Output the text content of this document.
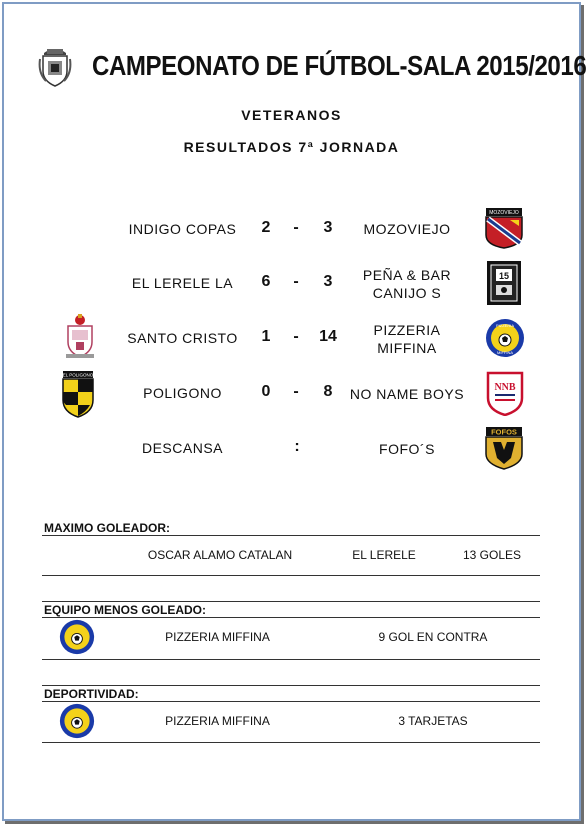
CAMPEONATO DE FÚTBOL-SALA 2015/2016
VETERANOS
RESULTADOS 7ª JORNADA
INDIGO COPAS	2	-	3	MOZOVIEJO
MOZOVIEJO
EL LERELE LA	6	-	3	PEÑA & BAR CANIJO S
15
SANTO CRISTO	1	-	14	PIZZERIA MIFFINA
PIZZERIA
MIFFINA
EL POLIGONO
POLIGONO	0	-	8	NO NAME BOYS	NNB
DESCANSA	:	FOFO´S
FOFOS
MAXIMO GOLEADOR:
OSCAR ALAMO CATALAN	EL LERELE	13 GOLES
EQUIPO MENOS GOLEADO:
PIZZERIA MIFFINA	9 GOL EN CONTRA
DEPORTIVIDAD:
PIZZERIA MIFFINA	3 TARJETAS
